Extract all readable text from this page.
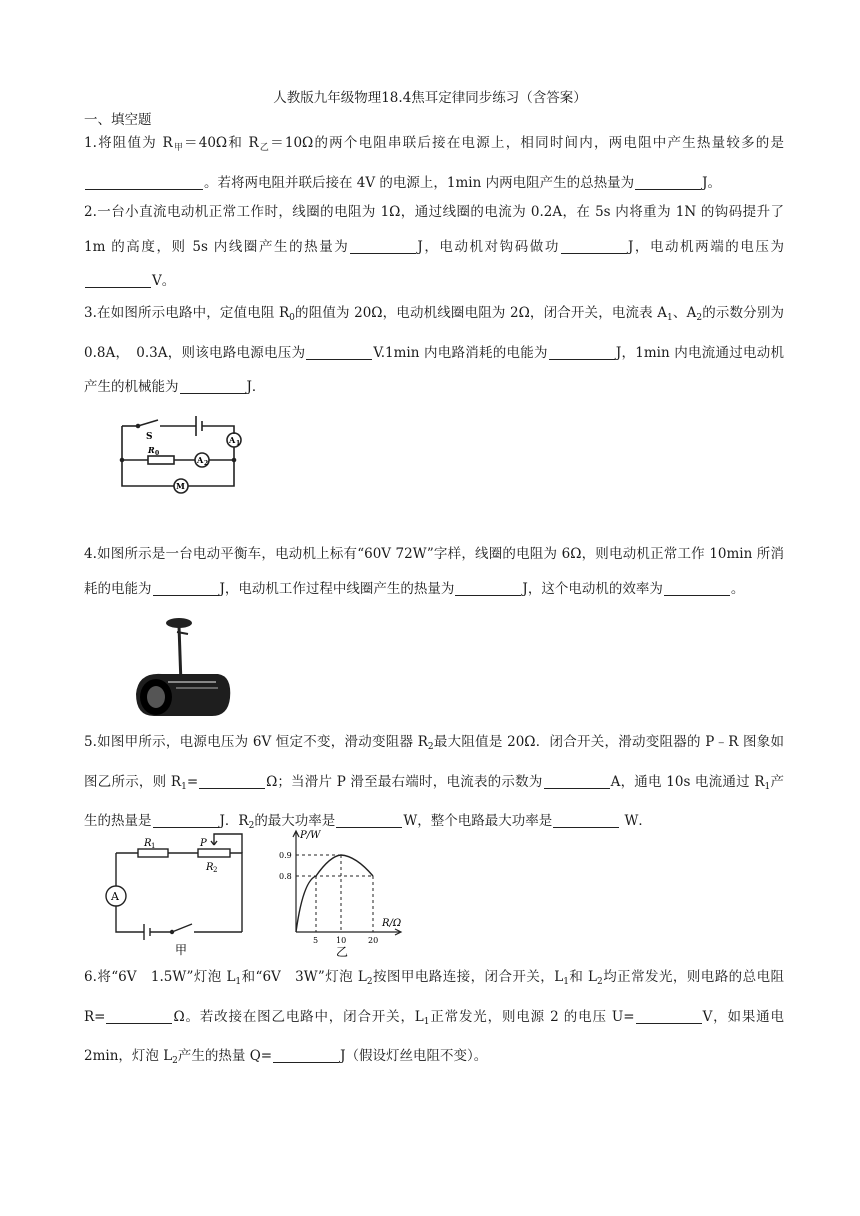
人教版九年级物理18.4焦耳定律同步练习（含答案）
一、填空题

1.将阻值为 $R_甲=40\Omega$和 $R_乙=10\Omega$的两个电阻串联后接在电源上，相同时间内，两电阻中产生热量较多的是。若将两电阻并联后接在 4V 的电源上，1min 内两电阻产生的总热量为	J。

2.一台小直流电动机正常工作时，线圈的电阻为 1Ω，通过线圈的电流为 0.2A，在 5s 内将重为 1N 的钩码提升了 1m 的高度，则 5s 内线圈产生的热量为	J，电动机对钩码做功	J，电动机两端的电压为V。

3.在如图所示电路中，定值电阻 $R_0$的阻值为 20Ω，电动机线圈电阻为 2Ω，闭合开关，电流表 $A_1$、$A_2$的示数分别为 0.8A，　0.3A，则该电路电源电压为	V.1min 内电路消耗的电能为	J，1min 内电流通过电动机产生的机械能为	J．

S	A 1
A 2
R 0
M

4.如图所示是一台电动平衡车，电动机上标有“60V 72W”字样，线圈的电阻为 6Ω，则电动机正常工作 10min 所消耗的电能为	J，电动机工作过程中线圈产生的热量为	J，这个电动机的效率为	。

5.如图甲所示，电源电压为 6V 恒定不变，滑动变阻器 $R_2$最大阻值是 20Ω．闭合开关，滑动变阻器的 P﹣R 图象如图乙所示，则 $R_1=$	Ω；当滑片 P 滑至最右端时，电流表的示数为	A，通电 10s 电流通过 $R_1$产生的热量是	J．$R_2$的最大功率是	W，整个电路最大功率是	W．

R 1	P
R 2
A
甲
P/W
R/Ω
0.9
0.8
5 10	20
乙

6.将“6V　1.5W”灯泡 $L_1$和“6V　3W”灯泡 $L_2$按图甲电路连接，闭合开关，$L_1$和 $L_2$均正常发光，则电路的总电阻 R=	Ω。若改接在图乙电路中，闭合开关，$L_1$正常发光，则电源 2 的电压 U=	V，如果通电 2min，灯泡 $L_2$产生的热量 Q=	J（假设灯丝电阻不变）。
